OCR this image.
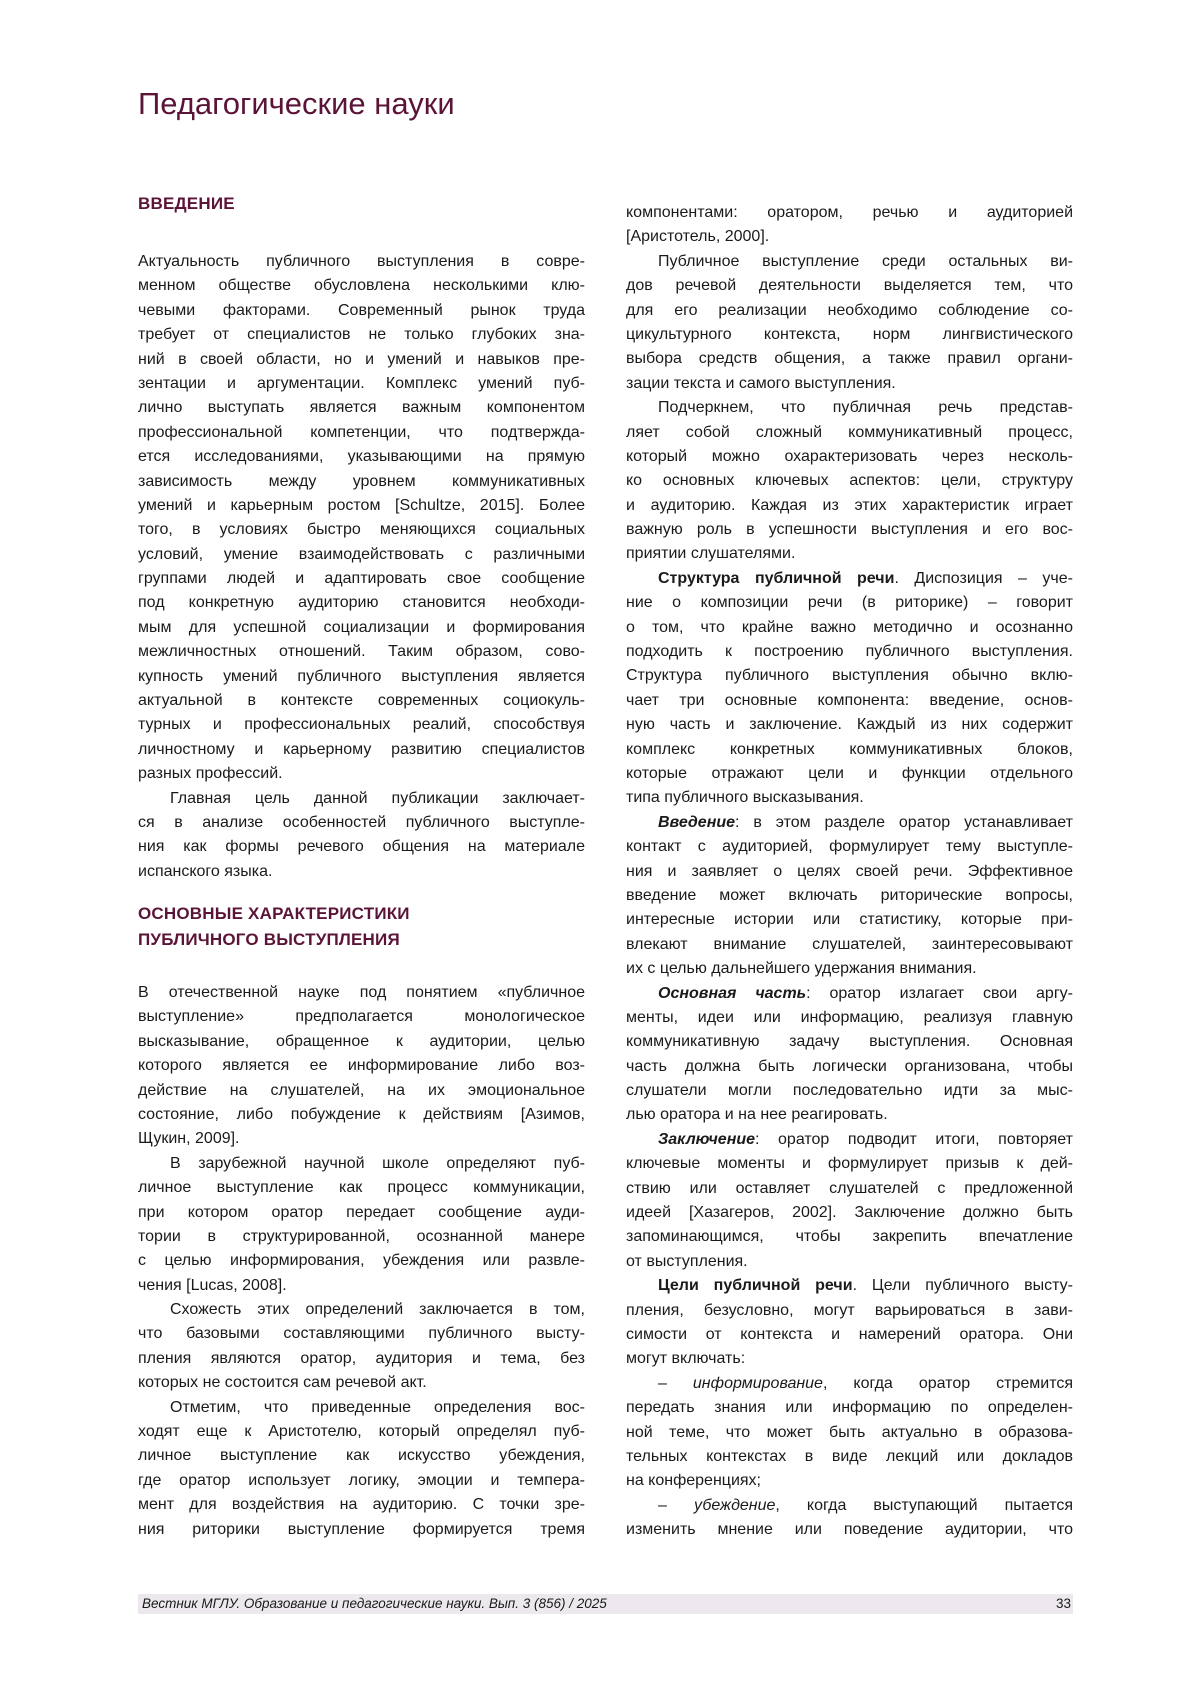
Педагогические науки
ВВЕДЕНИЕ
Актуальность публичного выступления в совре-
менном обществе обусловлена несколькими клю-
чевыми факторами. Современный рынок труда
требует от специалистов не только глубоких зна-
ний в своей области, но и умений и навыков пре-
зентации и аргументации. Комплекс умений пуб-
лично выступать является важным компонентом
профессиональной компетенции, что подтвержда-
ется исследованиями, указывающими на прямую
зависимость между уровнем коммуникативных
умений и карьерным ростом [Schultze, 2015]. Более
того, в условиях быстро меняющихся социальных
условий, умение взаимодействовать с различными
группами людей и адаптировать свое сообщение
под конкретную аудиторию становится необходи-
мым для успешной социализации и формирования
межличностных отношений. Таким образом, сово-
купность умений публичного выступления является
актуальной в контексте современных социокуль-
турных и профессиональных реалий, способствуя
личностному и карьерному развитию специалистов
разных профессий.
Главная цель данной публикации заключает-
ся в анализе особенностей публичного выступле-
ния как формы речевого общения на материале
испанского языка.
ОСНОВНЫЕ ХАРАКТЕРИСТИКИ
ПУБЛИЧНОГО ВЫСТУПЛЕНИЯ
В отечественной науке под понятием «публичное
выступление» предполагается монологическое
высказывание, обращенное к аудитории, целью
которого является ее информирование либо воз-
действие на слушателей, на их эмоциональное
состояние, либо побуждение к действиям [Азимов,
Щукин, 2009].
В зарубежной научной школе определяют пуб-
личное выступление как процесс коммуникации,
при котором оратор передает сообщение ауди-
тории в структурированной, осознанной манере
с целью информирования, убеждения или развле-
чения [Lucas, 2008].
Схожесть этих определений заключается в том,
что базовыми составляющими публичного высту-
пления являются оратор, аудитория и тема, без
которых не состоится сам речевой акт.
Отметим, что приведенные определения вос-
ходят еще к Аристотелю, который определял пуб-
личное выступление как искусство убеждения,
где оратор использует логику, эмоции и темпера-
мент для воздействия на аудиторию. С точки зре-
ния риторики выступление формируется тремя
компонентами: оратором, речью и аудиторией
[Аристотель, 2000].
Публичное выступление среди остальных ви-
дов речевой деятельности выделяется тем, что
для его реализации необходимо соблюдение со-
цикультурного контекста, норм лингвистического
выбора средств общения, а также правил органи-
зации текста и самого выступления.
Подчеркнем, что публичная речь представ-
ляет собой сложный коммуникативный процесс,
который можно охарактеризовать через несколь-
ко основных ключевых аспектов: цели, структуру
и аудиторию. Каждая из этих характеристик играет
важную роль в успешности выступления и его вос-
приятии слушателями.
Структура публичной речи. Диспозиция – уче-
ние о композиции речи (в риторике) – говорит
о том, что крайне важно методично и осознанно
подходить к построению публичного выступления.
Структура публичного выступления обычно вклю-
чает три основные компонента: введение, основ-
ную часть и заключение. Каждый из них содержит
комплекс конкретных коммуникативных блоков,
которые отражают цели и функции отдельного
типа публичного высказывания.
Введение: в этом разделе оратор устанавливает
контакт с аудиторией, формулирует тему выступле-
ния и заявляет о целях своей речи. Эффективное
введение может включать риторические вопросы,
интересные истории или статистику, которые при-
влекают внимание слушателей, заинтересовывают
их с целью дальнейшего удержания внимания.
Основная часть: оратор излагает свои аргу-
менты, идеи или информацию, реализуя главную
коммуникативную задачу выступления. Основная
часть должна быть логически организована, чтобы
слушатели могли последовательно идти за мыс-
лью оратора и на нее реагировать.
Заключение: оратор подводит итоги, повторяет
ключевые моменты и формулирует призыв к дей-
ствию или оставляет слушателей с предложенной
идеей [Хазагеров, 2002]. Заключение должно быть
запоминающимся, чтобы закрепить впечатление
от выступления.
Цели публичной речи. Цели публичного высту-
пления, безусловно, могут варьироваться в зави-
симости от контекста и намерений оратора. Они
могут включать:
– информирование, когда оратор стремится
передать знания или информацию по определен-
ной теме, что может быть актуально в образова-
тельных контекстах в виде лекций или докладов
на конференциях;
– убеждение, когда выступающий пытается
изменить мнение или поведение аудитории, что
Вестник МГЛУ. Образование и педагогические науки. Вып. 3 (856) / 2025	33
